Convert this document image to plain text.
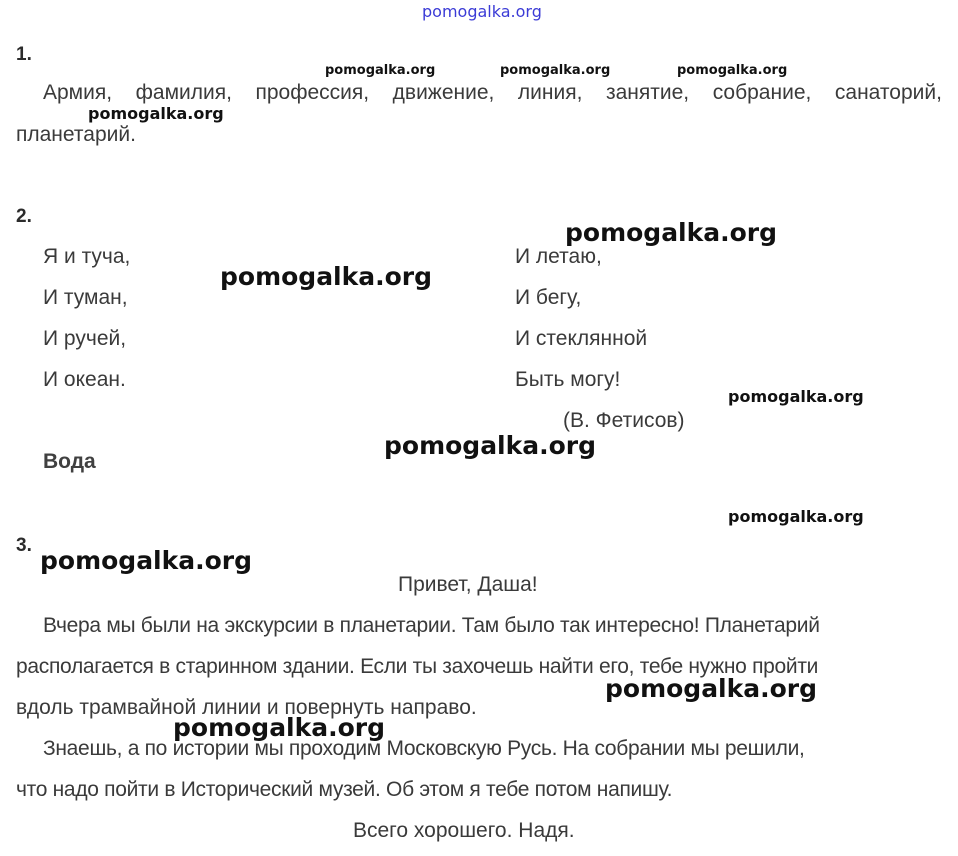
pomogalka.org
1.
pomogalka.org	pomogalka.org	pomogalka.org
Армия, фамилия, профессия, движение, линия, занятие, собрание, санаторий,
pomogalka.org
планетарий.
2.
pomogalka.org
Я и туча,
И туман,
И ручей,
И океан.
И летаю,
И бегу,
И стеклянной
Быть могу!
pomogalka.org
pomogalka.org
(В. Фетисов)
pomogalka.org
Вода
pomogalka.org
3.
pomogalka.org
Привет, Даша!
Вчера мы были на экскурсии в планетарии. Там было так интересно! Планетарий
располагается в старинном здании. Если ты захочешь найти его, тебе нужно пройти
вдоль трамвайной линии и повернуть направо.
pomogalka.org
pomogalka.org
Знаешь, а по истории мы проходим Московскую Русь. На собрании мы решили,
что надо пойти в Исторический музей. Об этом я тебе потом напишу.
Всего хорошего. Надя.
